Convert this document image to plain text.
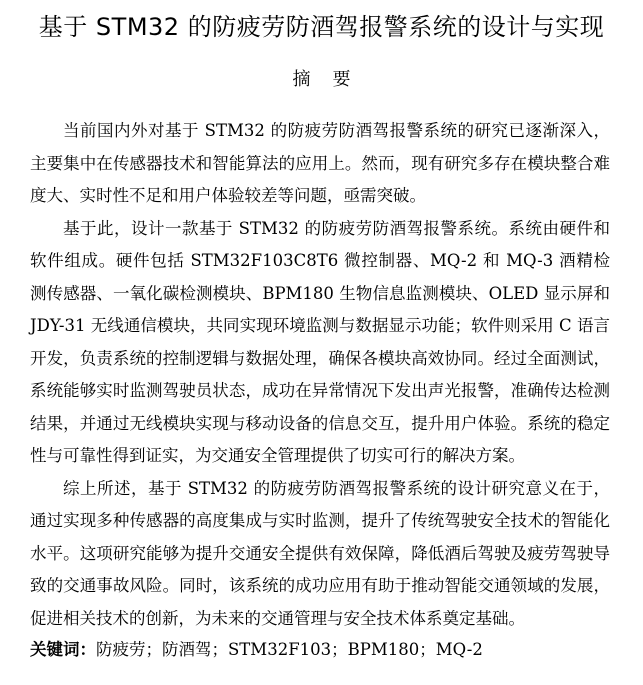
基于 STM32 的防疲劳防酒驾报警系统的设计与实现
摘 要

当前国内外对基于 STM32 的防疲劳防酒驾报警系统的研究已逐渐深入，主要集中在传感器技术和智能算法的应用上。然而，现有研究多存在模块整合难度大、实时性不足和用户体验较差等问题，亟需突破。

基于此，设计一款基于 STM32 的防疲劳防酒驾报警系统。系统由硬件和软件组成。硬件包括 STM32F103C8T6 微控制器、MQ-2 和 MQ-3 酒精检测传感器、一氧化碳检测模块、BPM180 生物信息监测模块、OLED 显示屏和 JDY-31 无线通信模块，共同实现环境监测与数据显示功能；软件则采用 C 语言开发，负责系统的控制逻辑与数据处理，确保各模块高效协同。经过全面测试，系统能够实时监测驾驶员状态，成功在异常情况下发出声光报警，准确传达检测结果，并通过无线模块实现与移动设备的信息交互，提升用户体验。系统的稳定性与可靠性得到证实，为交通安全管理提供了切实可行的解决方案。

综上所述，基于 STM32 的防疲劳防酒驾报警系统的设计研究意义在于，通过实现多种传感器的高度集成与实时监测，提升了传统驾驶安全技术的智能化水平。这项研究能够为提升交通安全提供有效保障，降低酒后驾驶及疲劳驾驶导致的交通事故风险。同时，该系统的成功应用有助于推动智能交通领域的发展，促进相关技术的创新，为未来的交通管理与安全技术体系奠定基础。

关键词：防疲劳；防酒驾；STM32F103；BPM180；MQ-2
